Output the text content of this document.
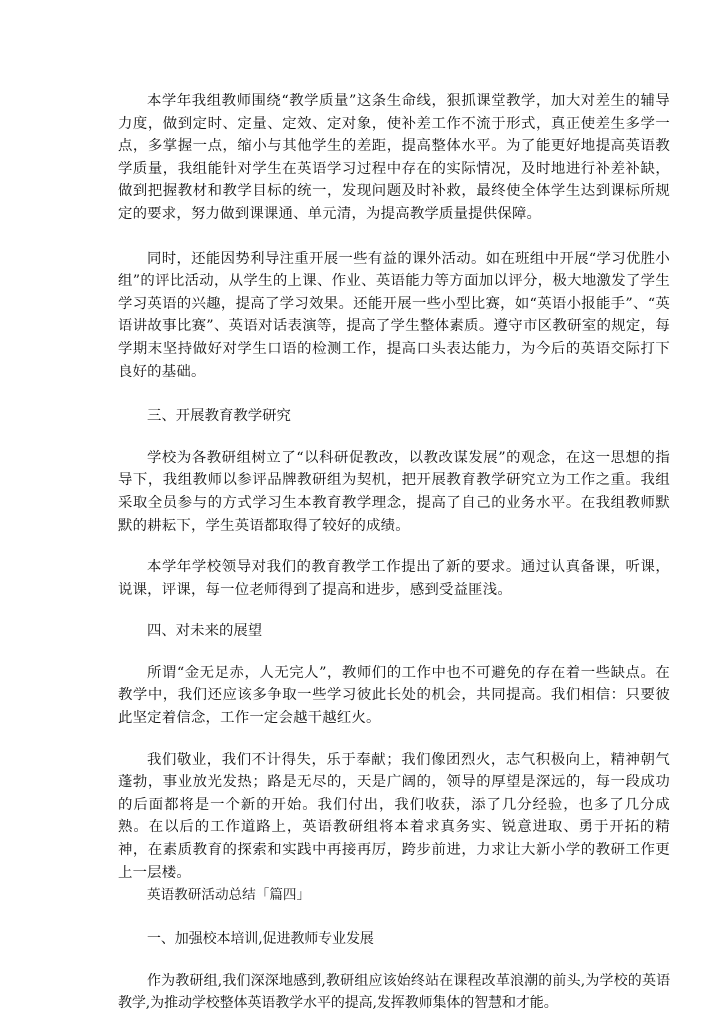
本学年我组教师围绕“教学质量”这条生命线，狠抓课堂教学，加大对差生的辅导力度，做到定时、定量、定效、定对象，使补差工作不流于形式，真正使差生多学一点，多掌握一点，缩小与其他学生的差距，提高整体水平。为了能更好地提高英语教学质量，我组能针对学生在英语学习过程中存在的实际情况，及时地进行补差补缺，做到把握教材和教学目标的统一，发现问题及时补救，最终使全体学生达到课标所规定的要求，努力做到课课通、单元清，为提高教学质量提供保障。

同时，还能因势利导注重开展一些有益的课外活动。如在班组中开展“学习优胜小组”的评比活动，从学生的上课、作业、英语能力等方面加以评分，极大地激发了学生学习英语的兴趣，提高了学习效果。还能开展一些小型比赛，如“英语小报能手”、“英语讲故事比赛”、英语对话表演等，提高了学生整体素质。遵守市区教研室的规定，每学期末坚持做好对学生口语的检测工作，提高口头表达能力，为今后的英语交际打下良好的基础。

三、开展教育教学研究

学校为各教研组树立了“以科研促教改，以教改谋发展”的观念，在这一思想的指导下，我组教师以参评品牌教研组为契机，把开展教育教学研究立为工作之重。我组采取全员参与的方式学习生本教育教学理念，提高了自己的业务水平。在我组教师默默的耕耘下，学生英语都取得了较好的成绩。

本学年学校领导对我们的教育教学工作提出了新的要求。通过认真备课，听课，说课，评课，每一位老师得到了提高和进步，感到受益匪浅。

四、对未来的展望

所谓“金无足赤，人无完人”，教师们的工作中也不可避免的存在着一些缺点。在教学中，我们还应该多争取一些学习彼此长处的机会，共同提高。我们相信：只要彼此坚定着信念，工作一定会越干越红火。

我们敬业，我们不计得失，乐于奉献；我们像团烈火，志气积极向上，精神朝气蓬勃，事业放光发热；路是无尽的，天是广阔的，领导的厚望是深远的，每一段成功的后面都将是一个新的开始。我们付出，我们收获，添了几分经验，也多了几分成熟。在以后的工作道路上，英语教研组将本着求真务实、锐意进取、勇于开拓的精神，在素质教育的探索和实践中再接再厉，跨步前进，力求让大新小学的教研工作更上一层楼。

英语教研活动总结「篇四」

一、加强校本培训,促进教师专业发展

作为教研组,我们深深地感到,教研组应该始终站在课程改革浪潮的前头,为学校的英语教学,为推动学校整体英语教学水平的提高,发挥教师集体的智慧和才能。
